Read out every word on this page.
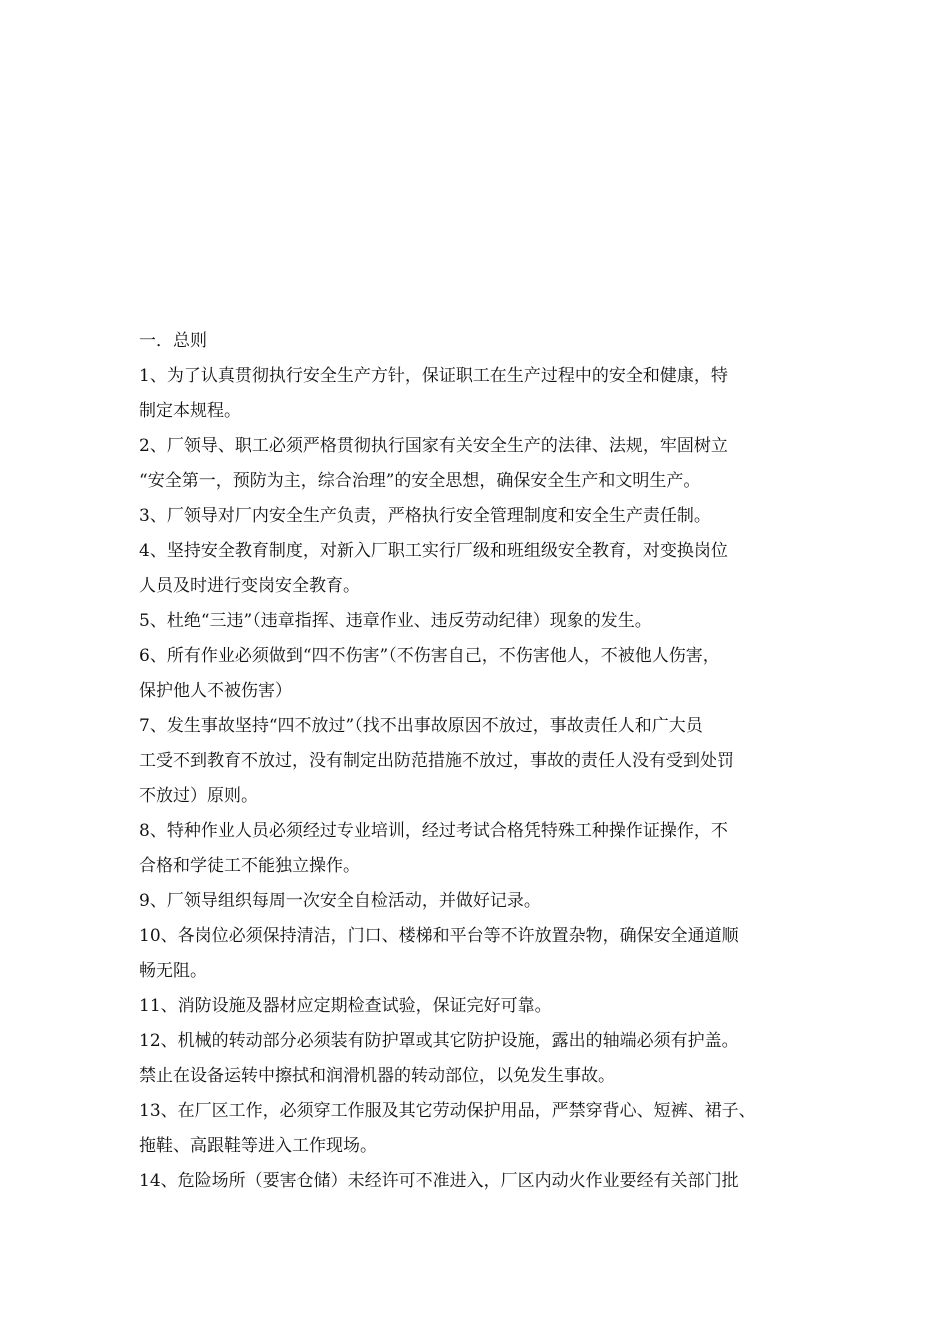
一．总则

1、为了认真贯彻执行安全生产方针，保证职工在生产过程中的安全和健康，特

制定本规程。

2、厂领导、职工必须严格贯彻执行国家有关安全生产的法律、法规，牢固树立

“安全第一，预防为主，综合治理”的安全思想，确保安全生产和文明生产。

3、厂领导对厂内安全生产负责，严格执行安全管理制度和安全生产责任制。

4、坚持安全教育制度，对新入厂职工实行厂级和班组级安全教育，对变换岗位

人员及时进行变岗安全教育。

5、杜绝“三违”（违章指挥、违章作业、违反劳动纪律）现象的发生。

6、所有作业必须做到“四不伤害”（不伤害自己，不伤害他人，不被他人伤害，

保护他人不被伤害）

7、发生事故坚持“四不放过”（找不出事故原因不放过，事故责任人和广大员

工受不到教育不放过，没有制定出防范措施不放过，事故的责任人没有受到处罚

不放过）原则。

8、特种作业人员必须经过专业培训，经过考试合格凭特殊工种操作证操作，不

合格和学徒工不能独立操作。

9、厂领导组织每周一次安全自检活动，并做好记录。

10、各岗位必须保持清洁，门口、楼梯和平台等不许放置杂物，确保安全通道顺

畅无阻。

11、消防设施及器材应定期检查试验，保证完好可靠。

12、机械的转动部分必须装有防护罩或其它防护设施，露出的轴端必须有护盖。

禁止在设备运转中擦拭和润滑机器的转动部位，以免发生事故。

13、在厂区工作，必须穿工作服及其它劳动保护用品，严禁穿背心、短裤、裙子、

拖鞋、高跟鞋等进入工作现场。

14、危险场所（要害仓储）未经许可不准进入，厂区内动火作业要经有关部门批
